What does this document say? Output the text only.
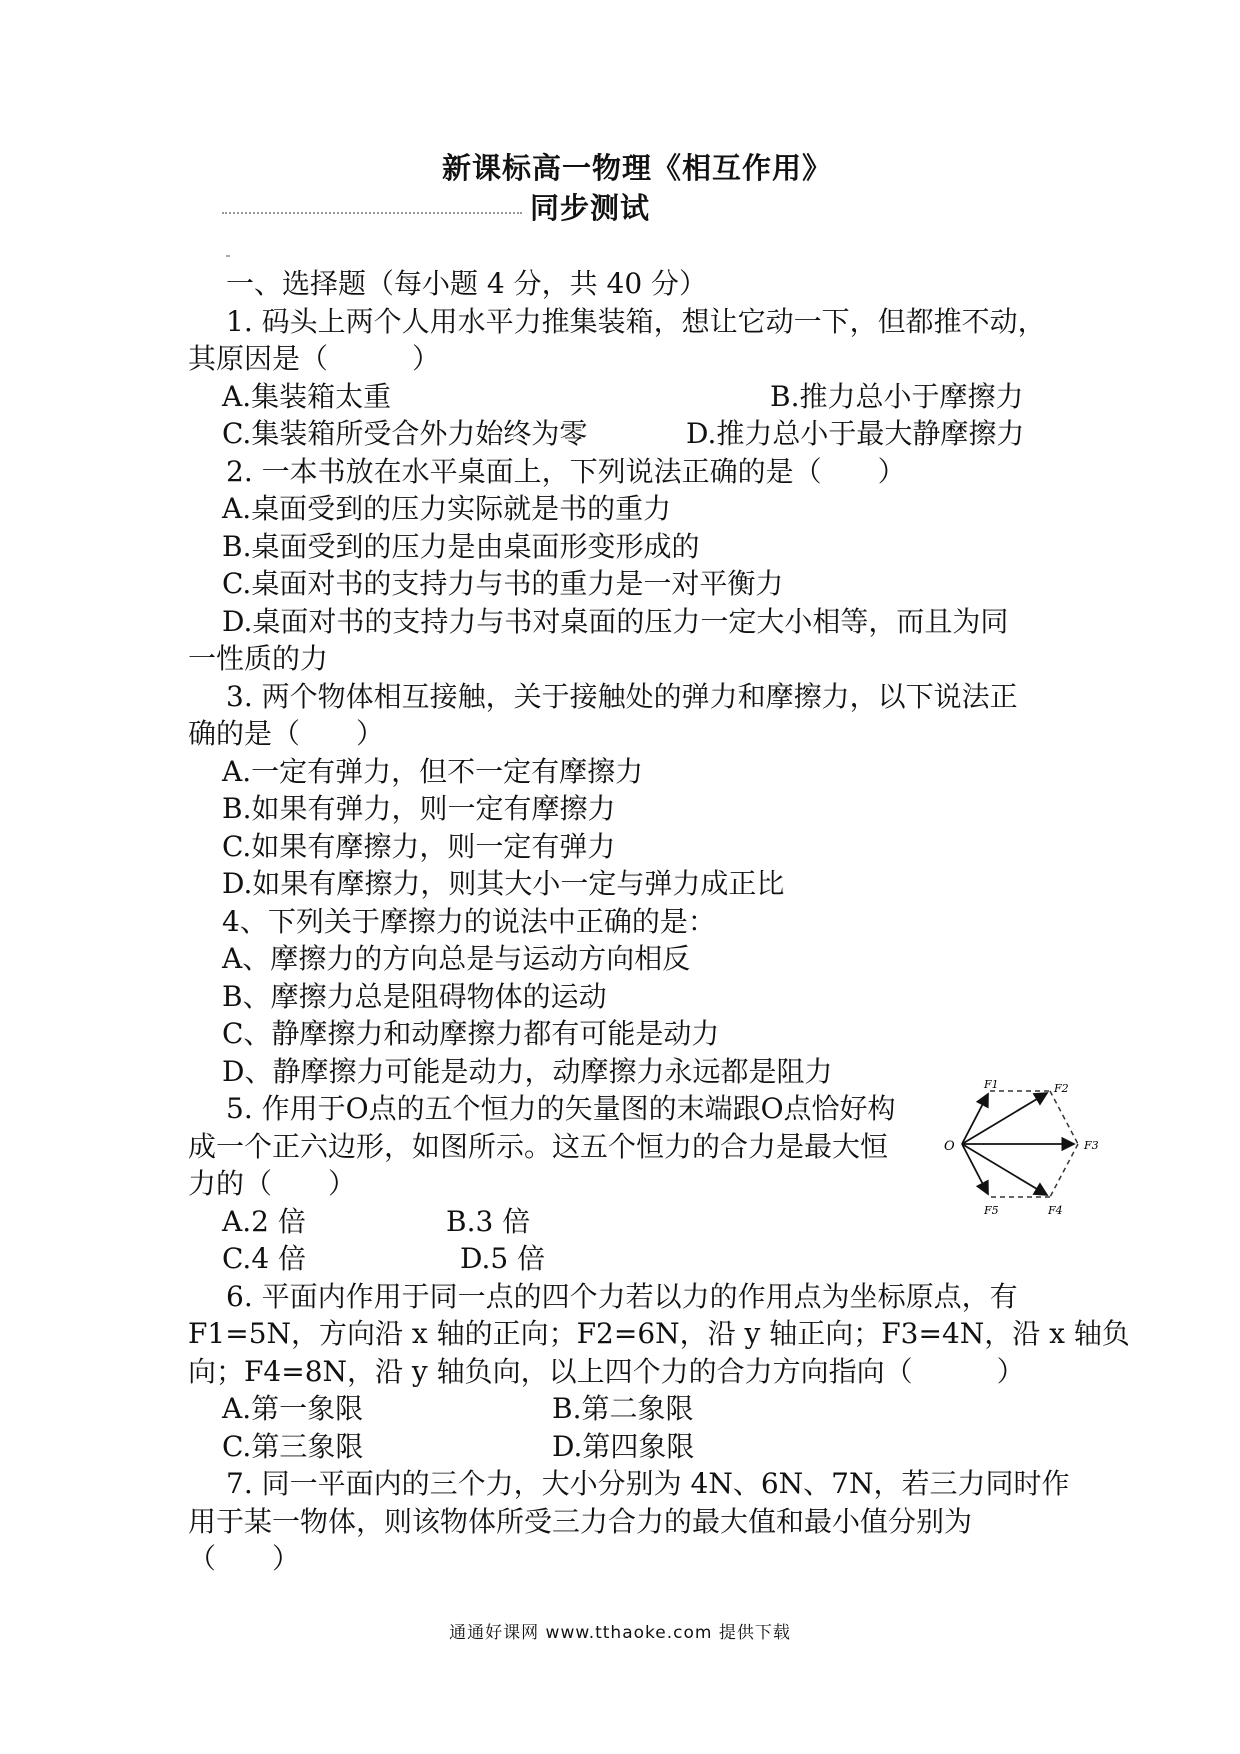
新课标高一物理《相互作用》
同步测试
一、选择题（每小题 4 分，共 40 分）
1. 码头上两个人用水平力推集装箱，想让它动一下，但都推不动，
其原因是（　　　）
A.集装箱太重	B.推力总小于摩擦力
C.集装箱所受合外力始终为零	D.推力总小于最大静摩擦力
2. 一本书放在水平桌面上，下列说法正确的是（　　）
A.桌面受到的压力实际就是书的重力
B.桌面受到的压力是由桌面形变形成的
C.桌面对书的支持力与书的重力是一对平衡力
D.桌面对书的支持力与书对桌面的压力一定大小相等，而且为同
一性质的力
3. 两个物体相互接触，关于接触处的弹力和摩擦力，以下说法正
确的是（　　）
A.一定有弹力，但不一定有摩擦力
B.如果有弹力，则一定有摩擦力
C.如果有摩擦力，则一定有弹力
D.如果有摩擦力，则其大小一定与弹力成正比
4、下列关于摩擦力的说法中正确的是：
A、摩擦力的方向总是与运动方向相反
B、摩擦力总是阻碍物体的运动
C、静摩擦力和动摩擦力都有可能是动力
D、静摩擦力可能是动力，动摩擦力永远都是阻力
5. 作用于O点的五个恒力的矢量图的末端跟O点恰好构
成一个正六边形，如图所示。这五个恒力的合力是最大恒
力的（　　）
A.2 倍	B.3 倍
C.4 倍	D.5 倍
O
F1	F2
F3
F4
F5
6. 平面内作用于同一点的四个力若以力的作用点为坐标原点，有
F1=5N，方向沿 x 轴的正向；F2=6N，沿 y 轴正向；F3=4N，沿 x 轴负
向；F4=8N，沿 y 轴负向，以上四个力的合力方向指向（　　　）
A.第一象限	B.第二象限
C.第三象限	D.第四象限
7. 同一平面内的三个力，大小分别为 4N、6N、7N，若三力同时作
用于某一物体，则该物体所受三力合力的最大值和最小值分别为
（　　）
通通好课网 www.tthaoke.com 提供下载
